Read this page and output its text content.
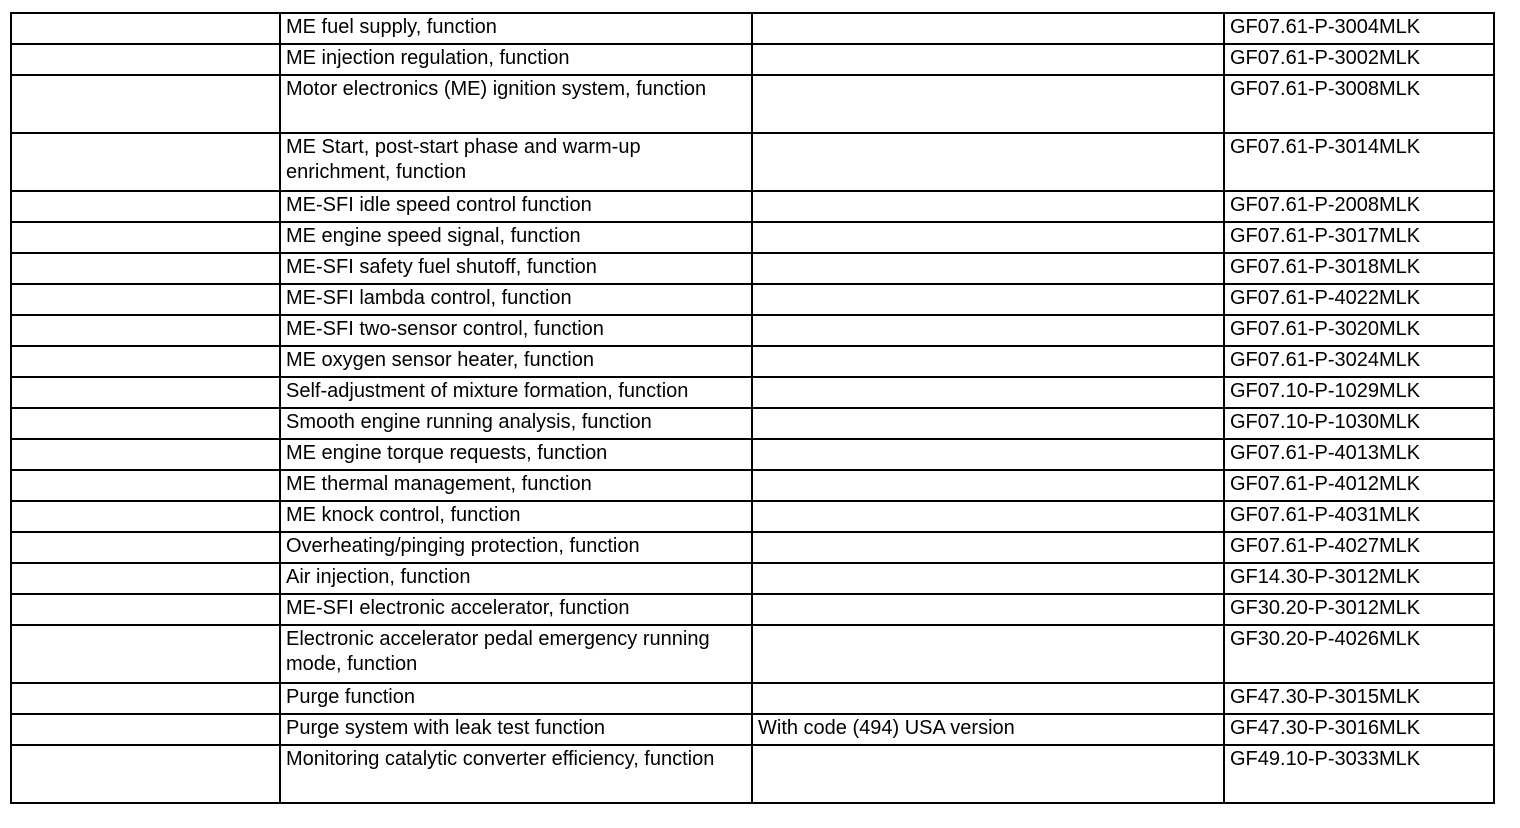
	ME fuel supply, function		GF07.61-P-3004MLK
	ME injection regulation, function		GF07.61-P-3002MLK
	Motor electronics (ME) ignition system, function		GF07.61-P-3008MLK
	ME Start, post-start phase and warm-up enrichment, function		GF07.61-P-3014MLK
	ME-SFI idle speed control function		GF07.61-P-2008MLK
	ME engine speed signal, function		GF07.61-P-3017MLK
	ME-SFI safety fuel shutoff, function		GF07.61-P-3018MLK
	ME-SFI lambda control, function		GF07.61-P-4022MLK
	ME-SFI two-sensor control, function		GF07.61-P-3020MLK
	ME oxygen sensor heater, function		GF07.61-P-3024MLK
	Self-adjustment of mixture formation, function		GF07.10-P-1029MLK
	Smooth engine running analysis, function		GF07.10-P-1030MLK
	ME engine torque requests, function		GF07.61-P-4013MLK
	ME thermal management, function		GF07.61-P-4012MLK
	ME knock control, function		GF07.61-P-4031MLK
	Overheating/pinging protection, function		GF07.61-P-4027MLK
	Air injection, function		GF14.30-P-3012MLK
	ME-SFI electronic accelerator, function		GF30.20-P-3012MLK
	Electronic accelerator pedal emergency running mode, function		GF30.20-P-4026MLK
	Purge function		GF47.30-P-3015MLK
	Purge system with leak test function	With code (494) USA version	GF47.30-P-3016MLK
	Monitoring catalytic converter efficiency, function		GF49.10-P-3033MLK
